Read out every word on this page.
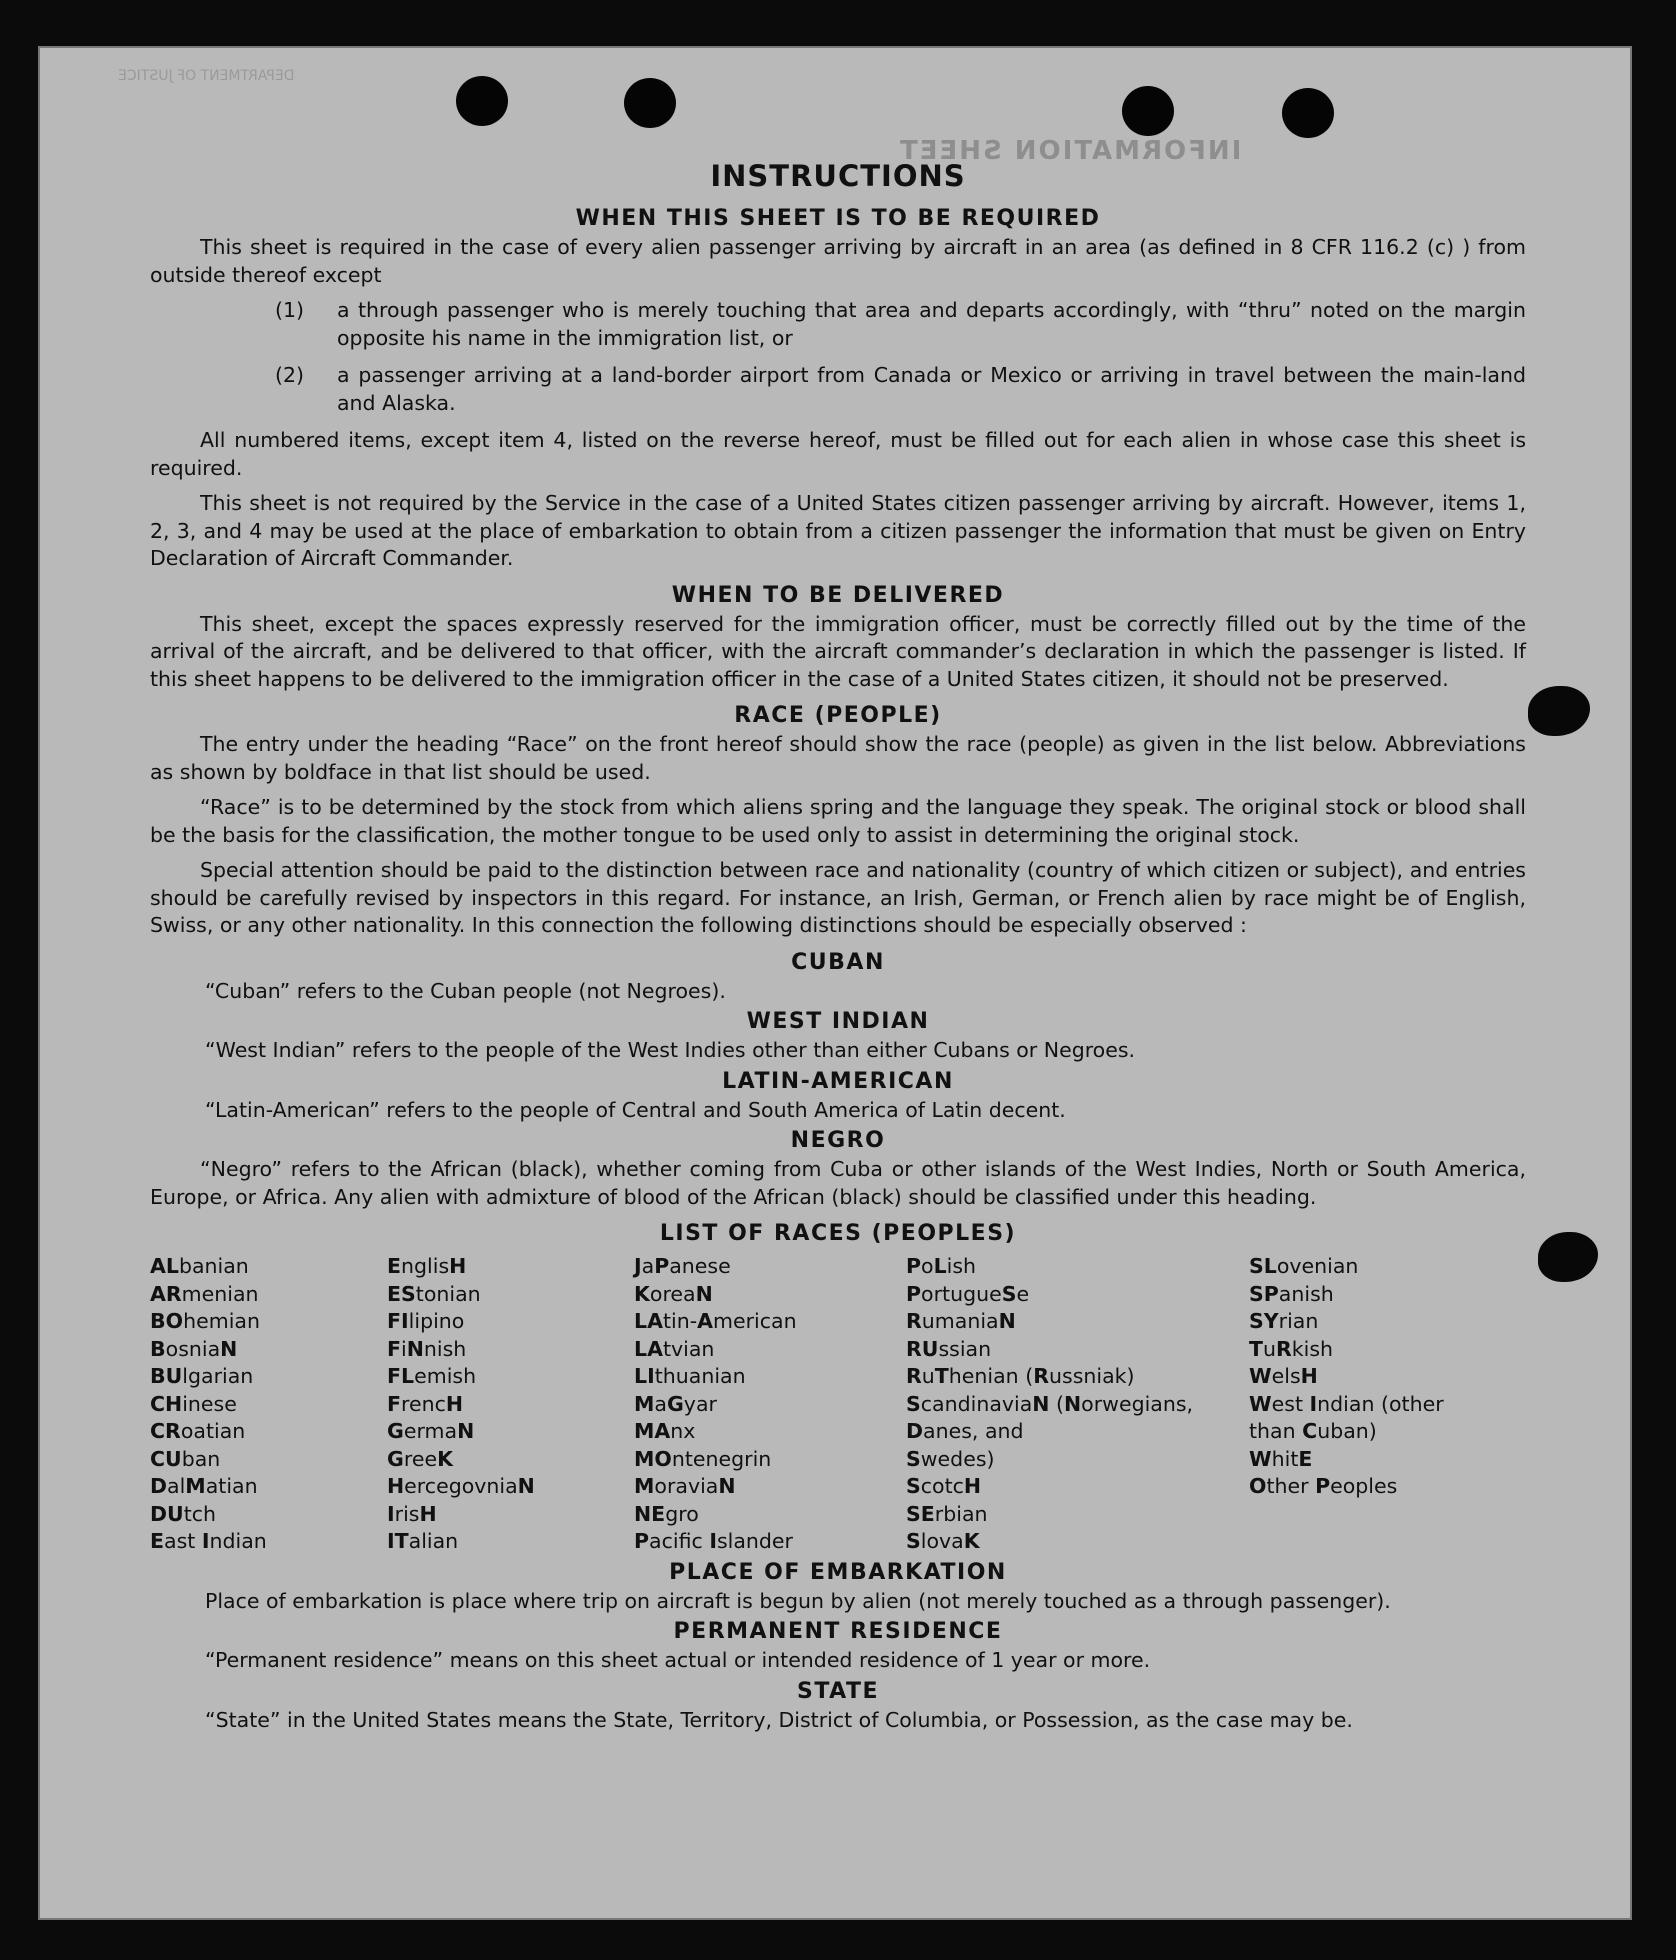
INFORMATION SHEET
DEPARTMENT OF JUSTICE
INSTRUCTIONS
WHEN THIS SHEET IS TO BE REQUIRED

This sheet is required in the case of every alien passenger arriving by aircraft in an area (as defined in 8 CFR 116.2 (c) ) from outside thereof except

(1)	a through passenger who is merely touching that area and departs accordingly, with “thru” noted on the margin opposite his name in the immigration list, or
(2)	a passenger arriving at a land-border airport from Canada or Mexico or arriving in travel between the main-land and Alaska.

All numbered items, except item 4, listed on the reverse hereof, must be filled out for each alien in whose case this sheet is required.

This sheet is not required by the Service in the case of a United States citizen passenger arriving by aircraft. However, items 1, 2, 3, and 4 may be used at the place of embarkation to obtain from a citizen passenger the information that must be given on Entry Declaration of Aircraft Commander.

WHEN TO BE DELIVERED

This sheet, except the spaces expressly reserved for the immigration officer, must be correctly filled out by the time of the arrival of the aircraft, and be delivered to that officer, with the aircraft commander’s declaration in which the passenger is listed. If this sheet happens to be delivered to the immigration officer in the case of a United States citizen, it should not be preserved.

RACE (PEOPLE)

The entry under the heading “Race” on the front hereof should show the race (people) as given in the list below. Abbreviations as shown by boldface in that list should be used.

“Race” is to be determined by the stock from which aliens spring and the language they speak. The original stock or blood shall be the basis for the classification, the mother tongue to be used only to assist in determining the original stock.

Special attention should be paid to the distinction between race and nationality (country of which citizen or subject), and entries should be carefully revised by inspectors in this regard. For instance, an Irish, German, or French alien by race might be of English, Swiss, or any other nationality. In this connection the following distinctions should be especially observed :

CUBAN

“Cuban” refers to the Cuban people (not Negroes).

WEST INDIAN

“West Indian” refers to the people of the West Indies other than either Cubans or Negroes.

LATIN-AMERICAN

“Latin-American” refers to the people of Central and South America of Latin decent.

NEGRO

“Negro” refers to the African (black), whether coming from Cuba or other islands of the West Indies, North or South America, Europe, or Africa. Any alien with admixture of blood of the African (black) should be classified under this heading.

LIST OF RACES (PEOPLES)
ALbanian
ARmenian
BOhemian
BosniaN
BUlgarian
CHinese
CRoatian
CUban
DalMatian
DUtch
East Indian
EnglisH
EStonian
FIlipino
FiNnish
FLemish
FrencH
GermaN
GreeK
HercegovniaN
IrisH
ITalian
JaPanese
KoreaN
LAtin-American
LAtvian
LIthuanian
MaGyar
MAnx
MOntenegrin
MoraviaN
NEgro
Pacifc Islander
PoLish
PortugueSe
RumaniaN
RUssian
RuThenian (Russniak)
ScandinaviaN (Norwegians,
Danes, and
Swedes)
ScotcH
SErbian
SlovaK
SLovenian
SPanish
SYrian
TuRkish
WelsH
West Indian (other
than Cuban)
WhitE
Other Peoples
PLACE OF EMBARKATION

Place of embarkation is place where trip on aircraft is begun by alien (not merely touched as a through passenger).

PERMANENT RESIDENCE

“Permanent residence” means on this sheet actual or intended residence of 1 year or more.

STATE

“State” in the United States means the State, Territory, District of Columbia, or Possession, as the case may be.
